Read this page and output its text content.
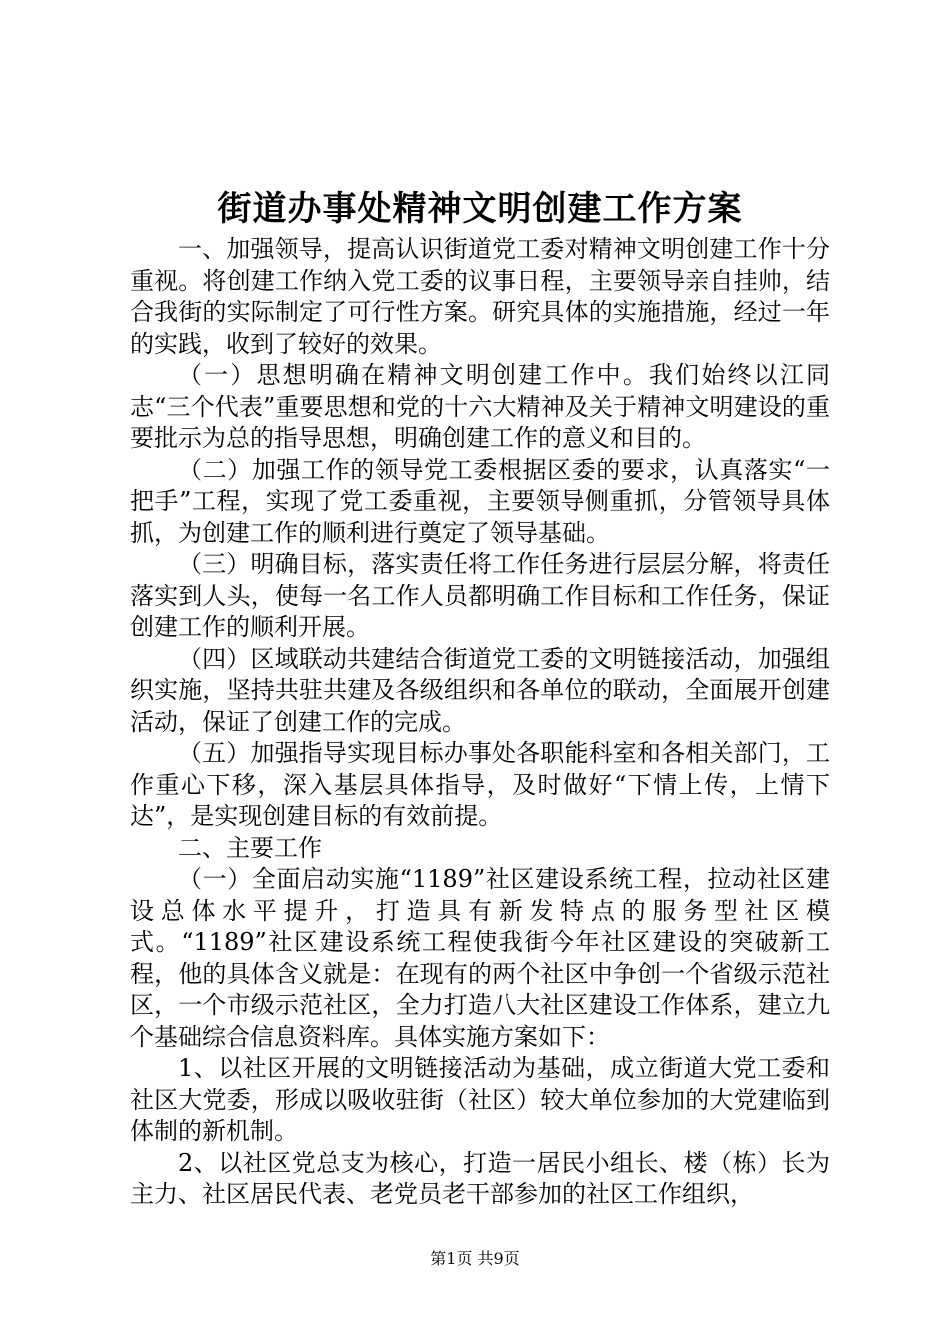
街道办事处精神文明创建工作方案

一、加强领导，提高认识街道党工委对精神文明创建工作十分重视。将创建工作纳入党工委的议事日程，主要领导亲自挂帅，结合我街的实际制定了可行性方案。研究具体的实施措施，经过一年的实践，收到了较好的效果。

（一）思想明确在精神文明创建工作中。我们始终以江同志“三个代表”重要思想和党的十六大精神及关于精神文明建设的重要批示为总的指导思想，明确创建工作的意义和目的。

（二）加强工作的领导党工委根据区委的要求，认真落实“一把手”工程，实现了党工委重视，主要领导侧重抓，分管领导具体抓，为创建工作的顺利进行奠定了领导基础。

（三）明确目标，落实责任将工作任务进行层层分解，将责任落实到人头，使每一名工作人员都明确工作目标和工作任务，保证创建工作的顺利开展。

（四）区域联动共建结合街道党工委的文明链接活动，加强组织实施，坚持共驻共建及各级组织和各单位的联动，全面展开创建活动，保证了创建工作的完成。

（五）加强指导实现目标办事处各职能科室和各相关部门，工作重心下移，深入基层具体指导，及时做好“下情上传，上情下达”，是实现创建目标的有效前提。

二、主要工作

（一）全面启动实施“1189”社区建设系统工程，拉动社区建设总体水平提升，打造具有新发特点的服务型社区模式。“1189”社区建设系统工程使我街今年社区建设的突破新工程，他的具体含义就是：在现有的两个社区中争创一个省级示范社区，一个市级示范社区，全力打造八大社区建设工作体系，建立九个基础综合信息资料库。具体实施方案如下：

1、以社区开展的文明链接活动为基础，成立街道大党工委和社区大党委，形成以吸收驻街（社区）较大单位参加的大党建临到体制的新机制。

2、以社区党总支为核心，打造一居民小组长、楼（栋）长为主力、社区居民代表、老党员老干部参加的社区工作组织，

第1页 共9页
